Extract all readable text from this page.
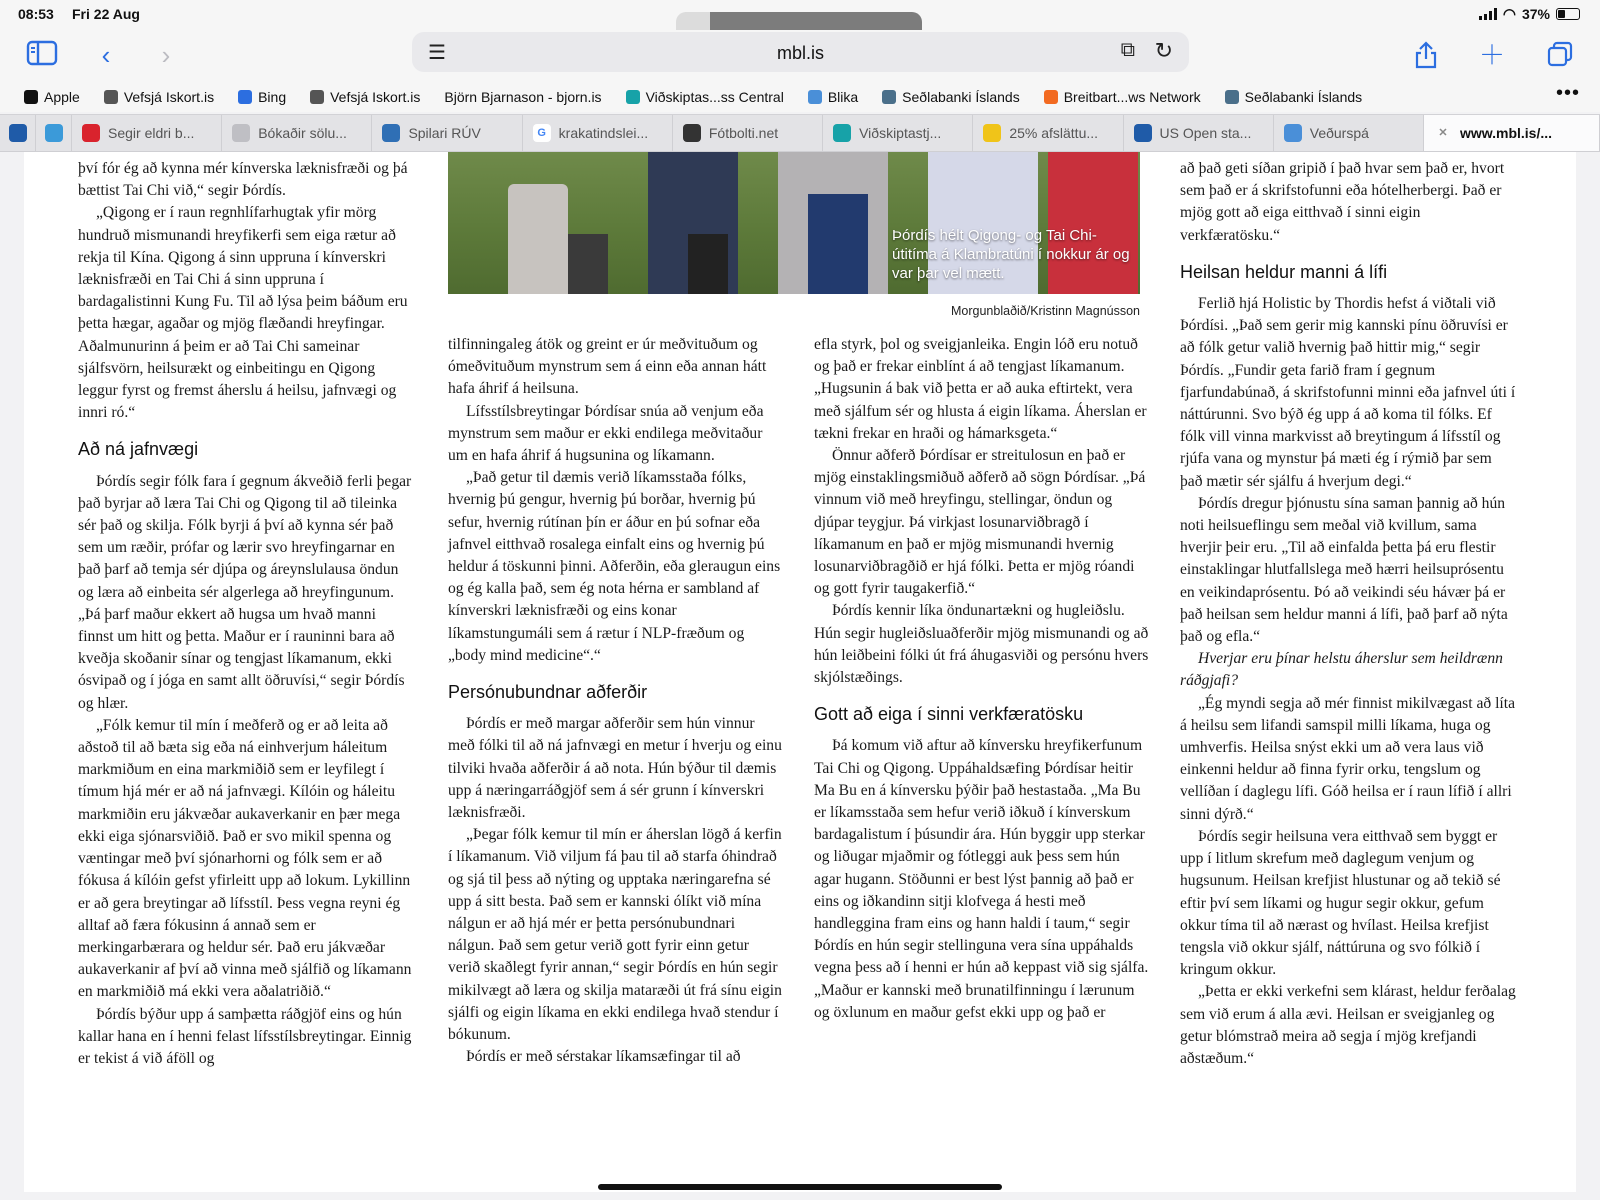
08:53 Fri 22 Aug	◠ 37%
‹	›	☰	mbl.is	⧉ ↻	＋
Apple	Vefsjá Iskort.is	Bing	Vefsjá Iskort.is Björn Bjarnason - bjorn.is	Viðskiptas...ss Central	Blika	Seðlabanki Íslands	Breitbart...ws Network	Seðlabanki Íslands	•••
Segir eldri b...	Bókaðir sölu...	Spilari RÚV	G krakatindslei...	Fótbolti.net	Viðskiptastj...	25% afslättu...	US Open sta...	Veðurspá	✕ www.mbl.is/...
Þórdís hélt Qigong- og Tai Chi-útitíma á Klambratúni í nokkur ár og var þar vel mætt.
Morgunblaðið/Kristinn Magnússon

því fór ég að kynna mér kínverska læknisfræði og þá bættist Tai Chi við,“ segir Þórdís.

„Qigong er í raun regnhlífarhugtak yfir mörg hundruð mismunandi hreyfikerfi sem eiga rætur að rekja til Kína. Qigong á sinn uppruna í kínverskri læknisfræði en Tai Chi á sinn uppruna í bardagalistinni Kung Fu. Til að lýsa þeim báðum eru þetta hægar, agaðar og mjög flæðandi hreyfingar. Aðalmunurinn á þeim er að Tai Chi sameinar sjálfsvörn, heilsurækt og einbeitingu en Qigong leggur fyrst og fremst áherslu á heilsu, jafnvægi og innri ró.“

Að ná jafnvægi

Þórdís segir fólk fara í gegnum ákveðið ferli þegar það byrjar að læra Tai Chi og Qigong til að tileinka sér það og skilja. Fólk byrji á því að kynna sér það sem um ræðir, prófar og lærir svo hreyfingarnar en það þarf að temja sér djúpa og áreynslulausa öndun og læra að einbeita sér algerlega að hreyfingunum. „Þá þarf maður ekkert að hugsa um hvað manni finnst um hitt og þetta. Maður er í rauninni bara að kveðja skoðanir sínar og tengjast líkamanum, ekki ósvipað og í jóga en samt allt öðruvísi,“ segir Þórdís og hlær.

„Fólk kemur til mín í meðferð og er að leita að aðstoð til að bæta sig eða ná einhverjum háleitum markmiðum en eina markmiðið sem er leyfilegt í tímum hjá mér er að ná jafnvægi. Kílóin og háleitu markmiðin eru jákvæðar aukaverkanir en þær mega ekki eiga sjónarsviðið. Það er svo mikil spenna og væntingar með því sjónarhorni og fólk sem er að fókusa á kílóin gefst yfirleitt upp að lokum. Lykillinn er að gera breytingar að lífsstíl. Þess vegna reyni ég alltaf að færa fókusinn á annað sem er merkingarbærara og heldur sér. Það eru jákvæðar aukaverkanir af því að vinna með sjálfið og líkamann en markmiðið má ekki vera aðalatriðið.“

Þórdís býður upp á samþætta ráðgjöf eins og hún kallar hana en í henni felast lífsstílsbreytingar. Einnig er tekist á við áföll og

tilfinningaleg átök og greint er úr meðvituðum og ómeðvituðum mynstrum sem á einn eða annan hátt hafa áhrif á heilsuna.

Lífsstílsbreytingar Þórdísar snúa að venjum eða mynstrum sem maður er ekki endilega meðvitaður um en hafa áhrif á hugsunina og líkamann.

„Það getur til dæmis verið líkamsstaða fólks, hvernig þú gengur, hvernig þú borðar, hvernig þú sefur, hvernig rútínan þín er áður en þú sofnar eða jafnvel eitthvað rosalega einfalt eins og hvernig þú heldur á töskunni þinni. Aðferðin, eða gleraugun eins og ég kalla það, sem ég nota hérna er sambland af kínverskri læknisfræði og eins konar líkamstungumáli sem á rætur í NLP-fræðum og „body mind medicine“.“

Persónubundnar aðferðir

Þórdís er með margar aðferðir sem hún vinnur með fólki til að ná jafnvægi en metur í hverju og einu tilviki hvaða aðferðir á að nota. Hún býður til dæmis upp á næringarráðgjöf sem á sér grunn í kínverskri læknisfræði.

„Þegar fólk kemur til mín er áherslan lögð á kerfin í líkamanum. Við viljum fá þau til að starfa óhindrað og sjá til þess að nýting og upptaka næringarefna sé upp á sitt besta. Það sem er kannski ólíkt við mína nálgun er að hjá mér er þetta persónubundnari nálgun. Það sem getur verið gott fyrir einn getur verið skaðlegt fyrir annan,“ segir Þórdís en hún segir mikilvægt að læra og skilja mataræði út frá sínu eigin sjálfi og eigin líkama en ekki endilega hvað stendur í bókunum.

Þórdís er með sérstakar líkamsæfingar til að

efla styrk, þol og sveigjanleika. Engin lóð eru notuð og það er frekar einblínt á að tengjast líkamanum. „Hugsunin á bak við þetta er að auka eftirtekt, vera með sjálfum sér og hlusta á eigin líkama. Áherslan er tækni frekar en hraði og hámarksgeta.“

Önnur aðferð Þórdísar er streitulosun en það er mjög einstaklingsmiðuð aðferð að sögn Þórdísar. „Þá vinnum við með hreyfingu, stellingar, öndun og djúpar teygjur. Þá virkjast losunarviðbragð í líkamanum en það er mjög mismunandi hvernig losunarviðbragðið er hjá fólki. Þetta er mjög róandi og gott fyrir taugakerfið.“

Þórdís kennir líka öndunartækni og hugleiðslu. Hún segir hugleiðsluaðferðir mjög mismunandi og að hún leiðbeini fólki út frá áhugasviði og persónu hvers skjólstæðings.

Gott að eiga í sinni verkfæratösku

Þá komum við aftur að kínversku hreyfikerfunum Tai Chi og Qigong. Uppáhaldsæfing Þórdísar heitir Ma Bu en á kínversku þýðir það hestastaða. „Ma Bu er líkamsstaða sem hefur verið iðkuð í kínverskum bardagalistum í þúsundir ára. Hún byggir upp sterkar og liðugar mjaðmir og fótleggi auk þess sem hún agar hugann. Stöðunni er best lýst þannig að það er eins og iðkandinn sitji klofvega á hesti með handleggina fram eins og hann haldi í taum,“ segir Þórdís en hún segir stellinguna vera sína uppáhalds vegna þess að í henni er hún að keppast við sig sjálfa. „Maður er kannski með brunatilfinningu í lærunum og öxlunum en maður gefst ekki upp og það er

að það geti síðan gripið í það hvar sem það er, hvort sem það er á skrifstofunni eða hótelherbergi. Það er mjög gott að eiga eitthvað í sinni eigin verkfæratösku.“

Heilsan heldur manni á lífi

Ferlið hjá Holistic by Thordis hefst á viðtali við Þórdísi. „Það sem gerir mig kannski pínu öðruvísi er að fólk getur valið hvernig það hittir mig,“ segir Þórdís. „Fundir geta farið fram í gegnum fjarfundabúnað, á skrifstofunni minni eða jafnvel úti í náttúrunni. Svo býð ég upp á að koma til fólks. Ef fólk vill vinna markvisst að breytingum á lífsstíl og rjúfa vana og mynstur þá mæti ég í rýmið þar sem það mætir sér sjálfu á hverjum degi.“

Þórdís dregur þjónustu sína saman þannig að hún noti heilsueflingu sem meðal við kvillum, sama hverjir þeir eru. „Til að einfalda þetta þá eru flestir einstaklingar hlutfallslega með hærri heilsuprósentu en veikindaprósentu. Þó að veikindi séu hávær þá er það heilsan sem heldur manni á lífi, það þarf að nýta það og efla.“

Hverjar eru þínar helstu áherslur sem heildrænn ráðgjafi?

„Ég myndi segja að mér finnist mikilvægast að líta á heilsu sem lifandi samspil milli líkama, huga og umhverfis. Heilsa snýst ekki um að vera laus við einkenni heldur að finna fyrir orku, tengslum og vellíðan í daglegu lífi. Góð heilsa er í raun lífið í allri sinni dýrð.“

Þórdís segir heilsuna vera eitthvað sem byggt er upp í litlum skrefum með daglegum venjum og hugsunum. Heilsan krefjist hlustunar og að tekið sé eftir því sem líkami og hugur segir okkur, gefum okkur tíma til að nærast og hvílast. Heilsa krefjist tengsla við okkur sjálf, náttúruna og svo fólkið í kringum okkur.

„Þetta er ekki verkefni sem klárast, heldur ferðalag sem við erum á alla ævi. Heilsan er sveigjanleg og getur blómstrað meira að segja í mjög krefjandi aðstæðum.“
